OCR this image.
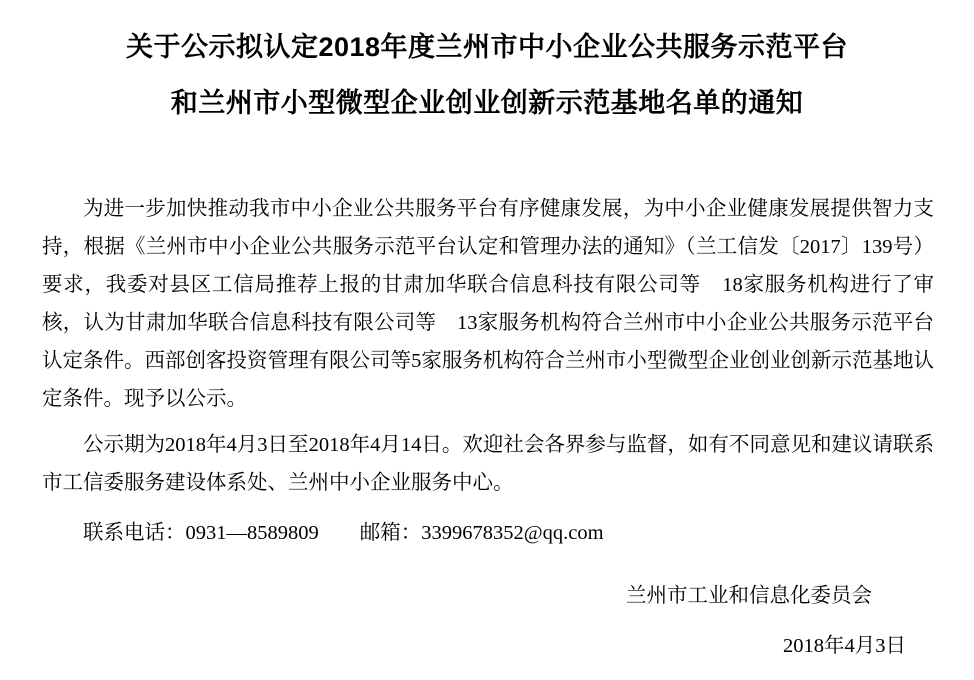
关于公示拟认定2018年度兰州市中小企业公共服务示范平台
和兰州市小型微型企业创业创新示范基地名单的通知

为进一步加快推动我市中小企业公共服务平台有序健康发展，为中小企业健康发展提供智力支持，根据《兰州市中小企业公共服务示范平台认定和管理办法的通知》（兰工信发〔2017〕139号）要求，我委对县区工信局推荐上报的甘肃加华联合信息科技有限公司等　18家服务机构进行了审核，认为甘肃加华联合信息科技有限公司等　13家服务机构符合兰州市中小企业公共服务示范平台认定条件。西部创客投资管理有限公司等5家服务机构符合兰州市小型微型企业创业创新示范基地认定条件。现予以公示。

公示期为2018年4月3日至2018年4月14日。欢迎社会各界参与监督，如有不同意见和建议请联系市工信委服务建设体系处、兰州中小企业服务中心。

联系电话：0931—8589809        邮箱：3399678352@qq.com
兰州市工业和信息化委员会
2018年4月3日
